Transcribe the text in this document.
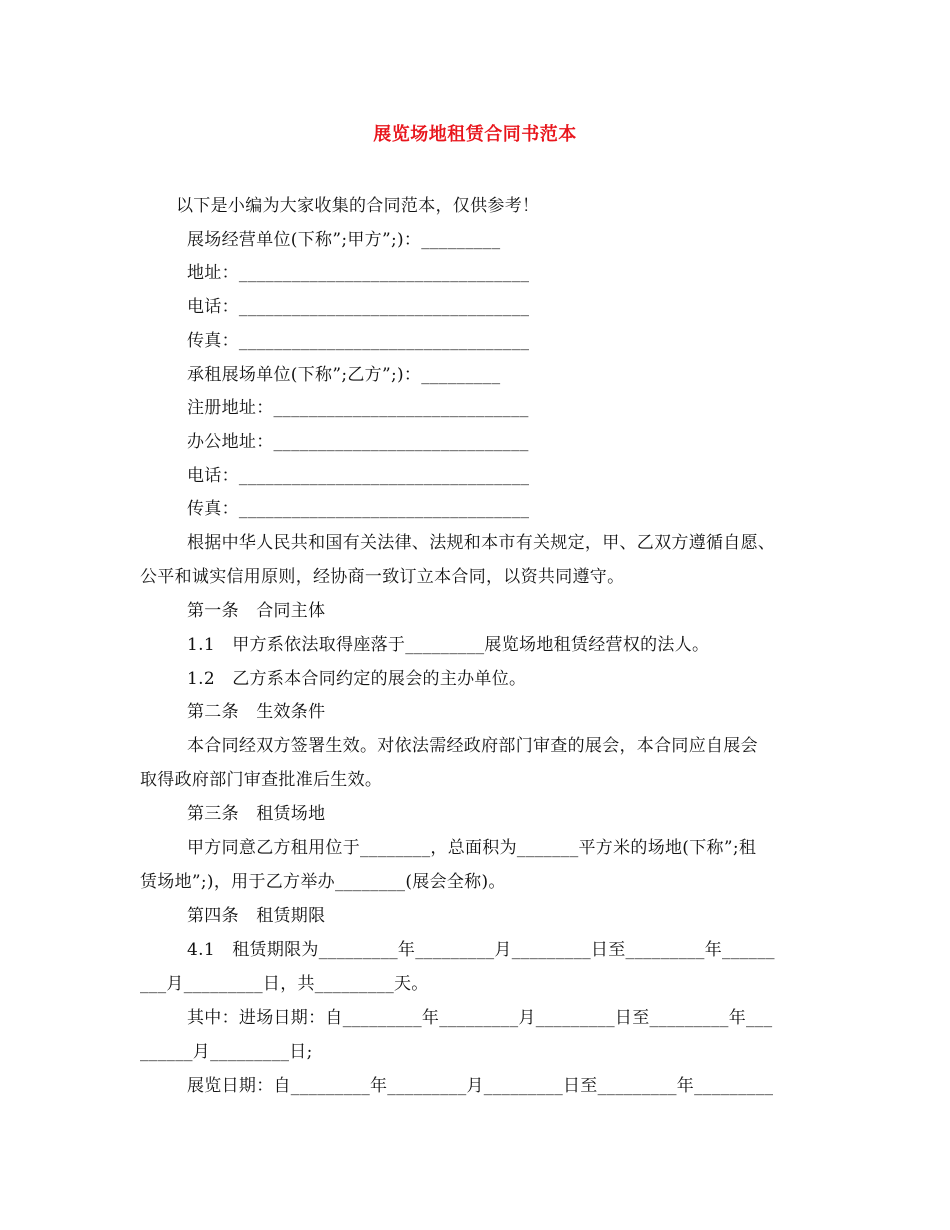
展览场地租赁合同书范本
以下是小编为大家收集的合同范本，仅供参考！
展场经营单位(下称”;甲方”;)：_________
地址：_________________________________
电话：_________________________________
传真：_________________________________
承租展场单位(下称”;乙方”;)：_________
注册地址：_____________________________
办公地址：_____________________________
电话：_________________________________
传真：_________________________________
根据中华人民共和国有关法律、法规和本市有关规定，甲、乙双方遵循自愿、
公平和诚实信用原则，经协商一致订立本合同，以资共同遵守。
第一条　合同主体
1.1　甲方系依法取得座落于_________展览场地租赁经营权的法人。
1.2　乙方系本合同约定的展会的主办单位。
第二条　生效条件
本合同经双方签署生效。对依法需经政府部门审查的展会，本合同应自展会
取得政府部门审查批准后生效。
第三条　租赁场地
甲方同意乙方租用位于________，总面积为_______平方米的场地(下称”;租
赁场地”;)，用于乙方举办________(展会全称)。
第四条　租赁期限
4.1　租赁期限为_________年_________月_________日至_________年______
___月_________日，共_________天。
其中：进场日期：自_________年_________月_________日至_________年___
______月_________日;
展览日期：自_________年_________月_________日至_________年_________
